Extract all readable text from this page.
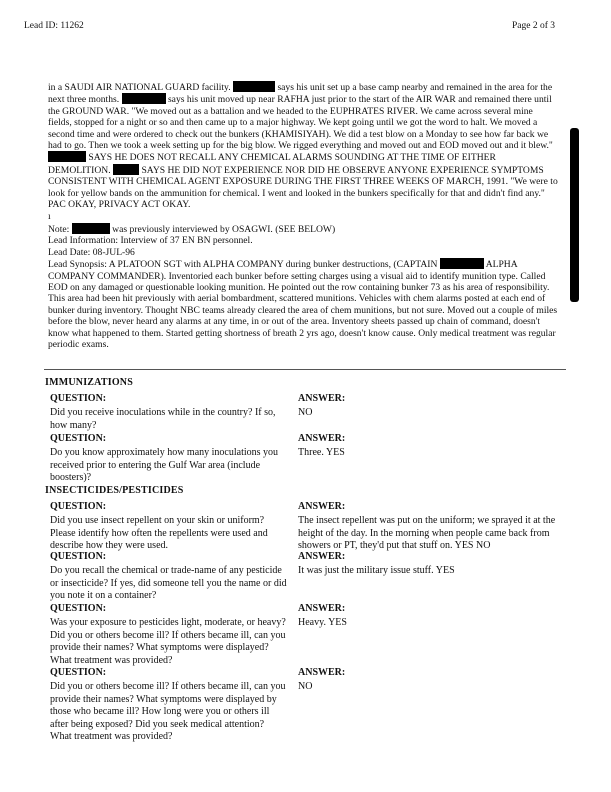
Lead ID: 11262	Page 2 of 3

in a SAUDI AIR NATIONAL GUARD facility.	says his unit set up a base camp nearby and remained in the area for the next three months.	says his unit moved up near RAFHA just prior to the start of the AIR WAR and remained there until the GROUND WAR. "We moved out as a battalion and we headed to the EUPHRATES RIVER. We came across several mine fields, stopped for a night or so and then came up to a major highway. We kept going until we got the word to halt. We moved a second time and were ordered to check out the bunkers (KHAMISIYAH). We did a test blow on a Monday to see how far back we had to go. Then we took a week setting up for the big blow. We rigged everything and moved out and EOD moved out and it blew."  SAYS HE DOES NOT RECALL ANY CHEMICAL ALARMS SOUNDING AT THE TIME OF EITHER DEMOLITION.	SAYS HE DID NOT EXPERIENCE NOR DID HE OBSERVE ANYONE EXPERIENCE SYMPTOMS CONSISTENT WITH CHEMICAL AGENT EXPOSURE DURING THE FIRST THREE WEEKS OF MARCH, 1991. "We were to look for yellow bands on the ammunition for chemical. I went and looked in the bunkers specifically for that and didn't find any." PAC OKAY, PRIVACY ACT OKAY.

ı

Note:	was previously interviewed by OSAGWI. (SEE BELOW)

Lead Information: Interview of 37 EN BN personnel.

Lead Date: 08-JUL-96

Lead Synopsis: A PLATOON SGT with ALPHA COMPANY during bunker destructions, (CAPTAIN	ALPHA COMPANY COMMANDER). Inventoried each bunker before setting charges using a visual aid to identify munition type. Called EOD on any damaged or questionable looking munition. He pointed out the row containing bunker 73 as his area of responsibility. This area had been hit previously with aerial bombardment, scattered munitions. Vehicles with chem alarms posted at each end of bunker during inventory. Thought NBC teams already cleared the area of chem munitions, but not sure. Moved out a couple of miles before the blow, never heard any alarms at any time, in or out of the area. Inventory sheets passed up chain of command, doesn't know what happened to them. Started getting shortness of breath 2 yrs ago, doesn't know cause. Only medical treatment was regular periodic exams.

IMMUNIZATIONS
QUESTION:	ANSWER:
Did you receive inoculations while in the country? If so, how many?
NO
QUESTION:	ANSWER:
Do you know approximately how many inoculations you received prior to entering the Gulf War area (include boosters)?
Three. YES
INSECTICIDES/PESTICIDES
QUESTION:	ANSWER:
Did you use insect repellent on your skin or uniform? Please identify how often the repellents were used and describe how they were used.
The insect repellent was put on the uniform; we sprayed it at the height of the day. In the morning when people came back from showers or PT, they'd put that stuff on. YES NO
QUESTION:	ANSWER:
Do you recall the chemical or trade-name of any pesticide or insecticide? If yes, did someone tell you the name or did you note it on a container?
It was just the military issue stuff. YES
QUESTION:	ANSWER:
Was your exposure to pesticides light, moderate, or heavy? Did you or others become ill? If others became ill, can you provide their names? What symptoms were displayed? What treatment was provided?
Heavy. YES
QUESTION:	ANSWER:
Did you or others become ill? If others became ill, can you provide their names? What symptoms were displayed by those who became ill? How long were you or others ill after being exposed? Did you seek medical attention? What treatment was provided?
NO
